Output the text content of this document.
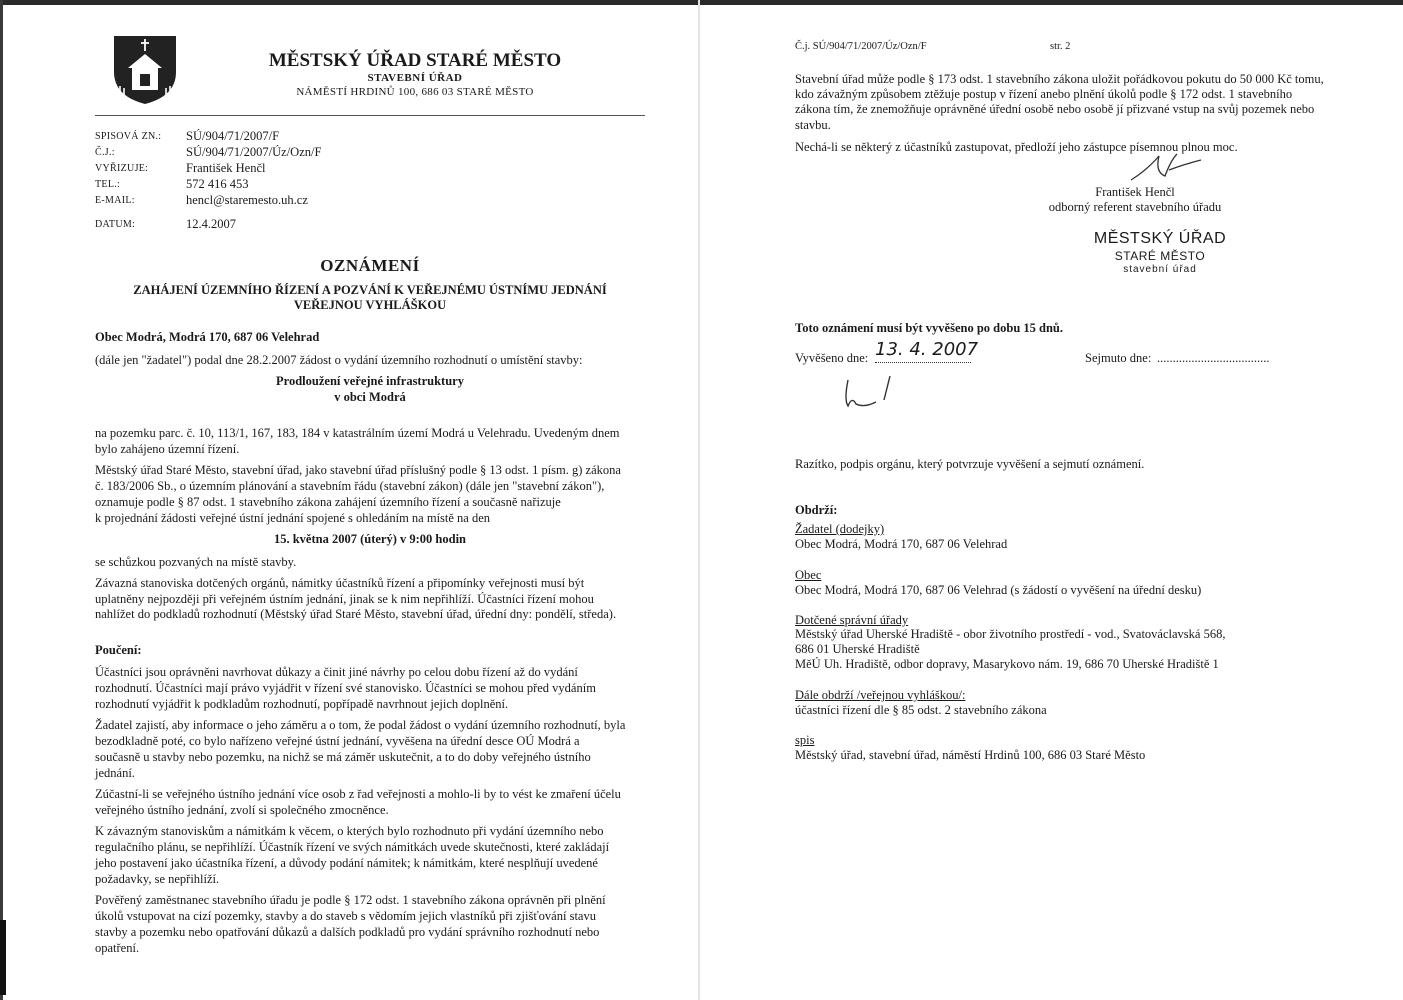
MĚSTSKÝ ÚŘAD STARÉ MĚSTO
STAVEBNÍ ÚŘAD
NÁMĚSTÍ HRDINŮ 100, 686 03 STARÉ MĚSTO
SPISOVÁ ZN.: SÚ/904/71/2007/F
Č.J.:	SÚ/904/71/2007/Úz/Ozn/F
VYŘIZUJE:	František Henčl
TEL.:	572 416 453
E-MAIL:	hencl@staremesto.uh.cz
DATUM:	12.4.2007
OZNÁMENÍ
ZAHÁJENÍ ÚZEMNÍHO ŘÍZENÍ A POZVÁNÍ K VEŘEJNÉMU ÚSTNÍMU JEDNÁNÍ
VEŘEJNOU VYHLÁŠKOU
Obec Modrá, Modrá 170, 687 06 Velehrad
(dále jen "žadatel") podal dne 28.2.2007 žádost o vydání územního rozhodnutí o umístění stavby:
Prodloužení veřejné infrastruktury
v obci Modrá
na pozemku parc. č. 10, 113/1, 167, 183, 184 v katastrálním území Modrá u Velehradu. Uvedeným dnem
bylo zahájeno územní řízení.
Městský úřad Staré Město, stavební úřad, jako stavební úřad příslušný podle § 13 odst. 1 písm. g) zákona
č. 183/2006 Sb., o územním plánování a stavebním řádu (stavební zákon) (dále jen "stavební zákon"),
oznamuje podle § 87 odst. 1 stavebního zákona zahájení územního řízení a současně nařizuje
k projednání žádosti veřejné ústní jednání spojené s ohledáním na místě na den
15. května 2007 (úterý) v 9:00 hodin
se schůzkou pozvaných na místě stavby.
Závazná stanoviska dotčených orgánů, námitky účastníků řízení a připomínky veřejnosti musí být
uplatněny nejpozději při veřejném ústním jednání, jinak se k nim nepřihlíží. Účastníci řízení mohou
nahlížet do podkladů rozhodnutí (Městský úřad Staré Město, stavební úřad, úřední dny: pondělí, středa).
Poučení:
Účastníci jsou oprávněni navrhovat důkazy a činit jiné návrhy po celou dobu řízení až do vydání
rozhodnutí. Účastníci mají právo vyjádřit v řízení své stanovisko. Účastníci se mohou před vydáním
rozhodnutí vyjádřit k podkladům rozhodnutí, popřípadě navrhnout jejich doplnění.
Žadatel zajistí, aby informace o jeho záměru a o tom, že podal žádost o vydání územního rozhodnutí, byla
bezodkladně poté, co bylo nařízeno veřejné ústní jednání, vyvěšena na úřední desce OÚ Modrá a
současně u stavby nebo pozemku, na nichž se má záměr uskutečnit, a to do doby veřejného ústního
jednání.
Zúčastní-li se veřejného ústního jednání více osob z řad veřejnosti a mohlo-li by to vést ke zmaření účelu
veřejného ústního jednání, zvolí si společného zmocněnce.
K závazným stanoviskům a námitkám k věcem, o kterých bylo rozhodnuto při vydání územního nebo
regulačního plánu, se nepřihlíží. Účastník řízení ve svých námitkách uvede skutečnosti, které zakládají
jeho postavení jako účastníka řízení, a důvody podání námitek; k námitkám, které nesplňují uvedené
požadavky, se nepřihlíží.
Pověřený zaměstnanec stavebního úřadu je podle § 172 odst. 1 stavebního zákona oprávněn při plnění
úkolů vstupovat na cizí pozemky, stavby a do staveb s vědomím jejich vlastníků při zjišťování stavu
stavby a pozemku nebo opatřování důkazů a dalších podkladů pro vydání správního rozhodnutí nebo
opatření.
Č.j. SÚ/904/71/2007/Úz/Ozn/F	str. 2
Stavební úřad může podle § 173 odst. 1 stavebního zákona uložit pořádkovou pokutu do 50 000 Kč tomu,
kdo závažným způsobem ztěžuje postup v řízení anebo plnění úkolů podle § 172 odst. 1 stavebního
zákona tím, že znemožňuje oprávněné úřední osobě nebo osobě jí přizvané vstup na svůj pozemek nebo
stavbu.
Nechá-li se některý z účastníků zastupovat, předloží jeho zástupce písemnou plnou moc.
František Henčl
odborný referent stavebního úřadu
MĚSTSKÝ ÚŘAD
STARÉ MĚSTO
stavební úřad
Toto oznámení musí být vyvěšeno po dobu 15 dnů.
Vyvěšeno dne: 13. 4. 2007	Sejmuto dne: ....................................
Razítko, podpis orgánu, který potvrzuje vyvěšení a sejmutí oznámení.
Obdrží:
Žadatel (dodejky)
Obec Modrá, Modrá 170, 687 06 Velehrad
Obec
Obec Modrá, Modrá 170, 687 06 Velehrad (s žádostí o vyvěšení na úřední desku)
Dotčené správní úřady
Městský úřad Uherské Hradiště - obor životního prostředí - vod., Svatováclavská 568,
686 01 Uherské Hradiště
MěÚ Uh. Hradiště, odbor dopravy, Masarykovo nám. 19, 686 70 Uherské Hradiště 1
Dále obdrží /veřejnou vyhláškou/:
účastníci řízení dle § 85 odst. 2 stavebního zákona
spis
Městský úřad, stavební úřad, náměstí Hrdinů 100, 686 03 Staré Město
